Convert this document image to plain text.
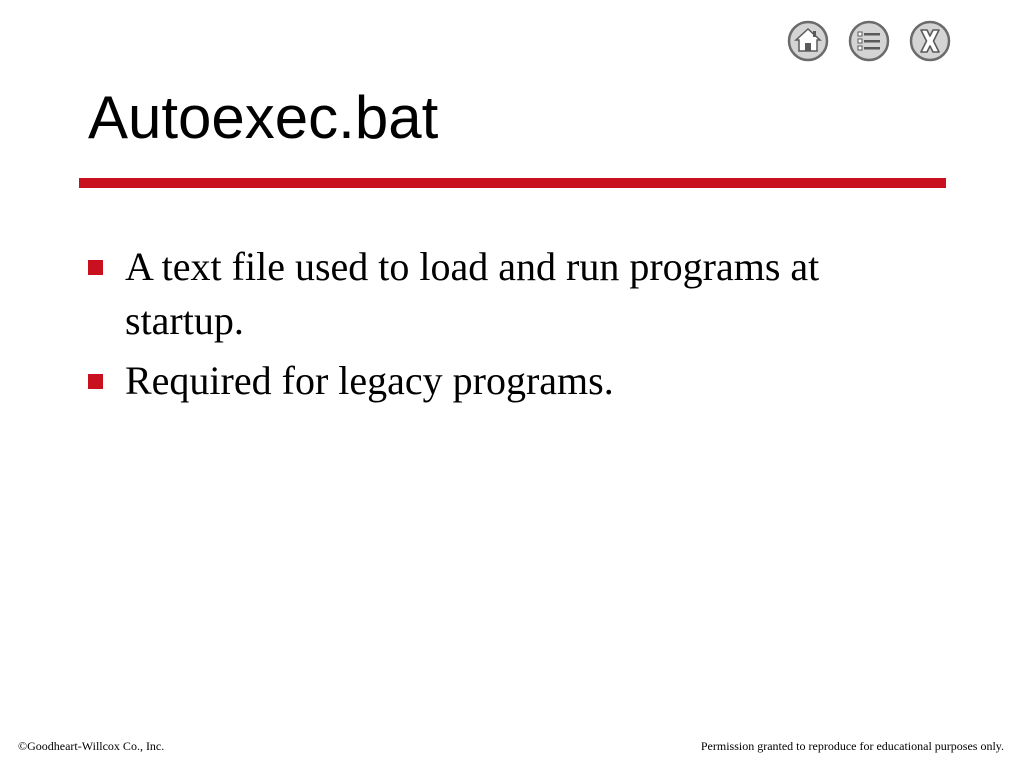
Autoexec.bat
A text file used to load and run programs at startup.
Required for legacy programs.
©Goodheart-Willcox Co., Inc.	Permission granted to reproduce for educational purposes only.
